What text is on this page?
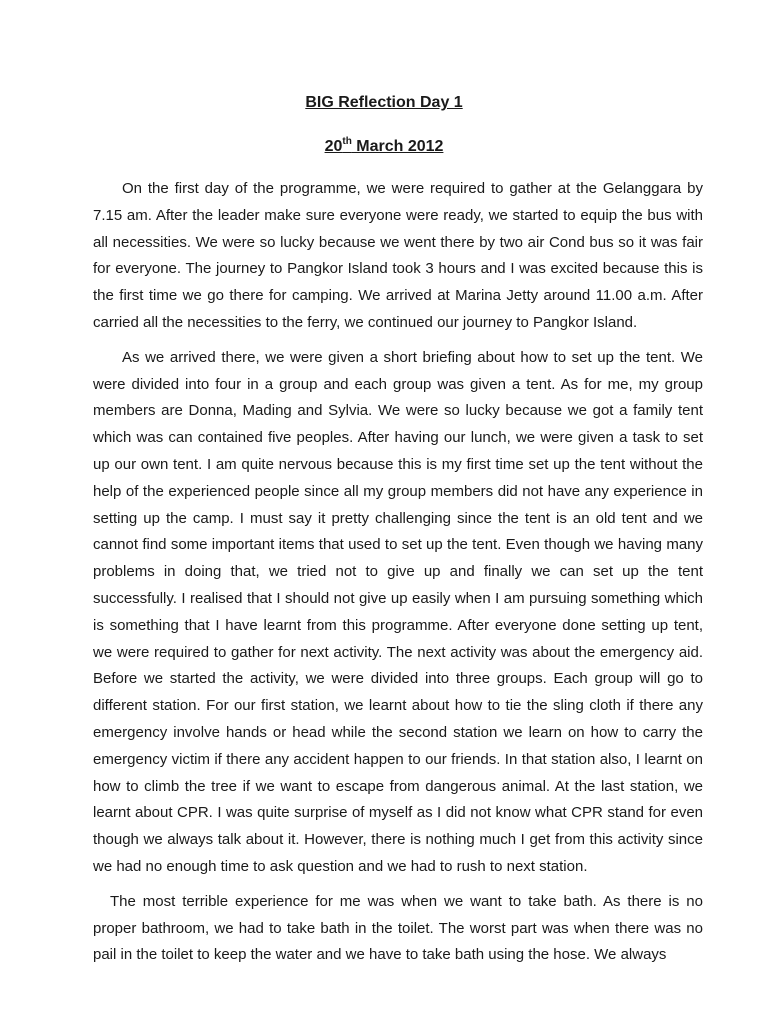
BIG Reflection Day 1
20th March 2012

On the first day of the programme, we were required to gather at the Gelanggara by 7.15 am. After the leader make sure everyone were ready, we started to equip the bus with all necessities. We were so lucky because we went there by two air Cond bus so it was fair for everyone. The journey to Pangkor Island took 3 hours and I was excited because this is the first time we go there for camping. We arrived at Marina Jetty around 11.00 a.m. After carried all the necessities to the ferry, we continued our journey to Pangkor Island.

As we arrived there, we were given a short briefing about how to set up the tent. We were divided into four in a group and each group was given a tent. As for me, my group members are Donna, Mading and Sylvia. We were so lucky because we got a family tent which was can contained five peoples. After having our lunch, we were given a task to set up our own tent. I am quite nervous because this is my first time set up the tent without the help of the experienced people since all my group members did not have any experience in setting up the camp. I must say it pretty challenging since the tent is an old tent and we cannot find some important items that used to set up the tent. Even though we having many problems in doing that, we tried not to give up and finally we can set up the tent successfully. I realised that I should not give up easily when I am pursuing something which is something that I have learnt from this programme. After everyone done setting up tent, we were required to gather for next activity. The next activity was about the emergency aid. Before we started the activity, we were divided into three groups. Each group will go to different station. For our first station, we learnt about how to tie the sling cloth if there any emergency involve hands or head while the second station we learn on how to carry the emergency victim if there any accident happen to our friends. In that station also, I learnt on how to climb the tree if we want to escape from dangerous animal. At the last station, we learnt about CPR. I was quite surprise of myself as I did not know what CPR stand for even though we always talk about it. However, there is nothing much I get from this activity since we had no enough time to ask question and we had to rush to next station.

The most terrible experience for me was when we want to take bath. As there is no proper bathroom, we had to take bath in the toilet. The worst part was when there was no pail in the toilet to keep the water and we have to take bath using the hose. We always
